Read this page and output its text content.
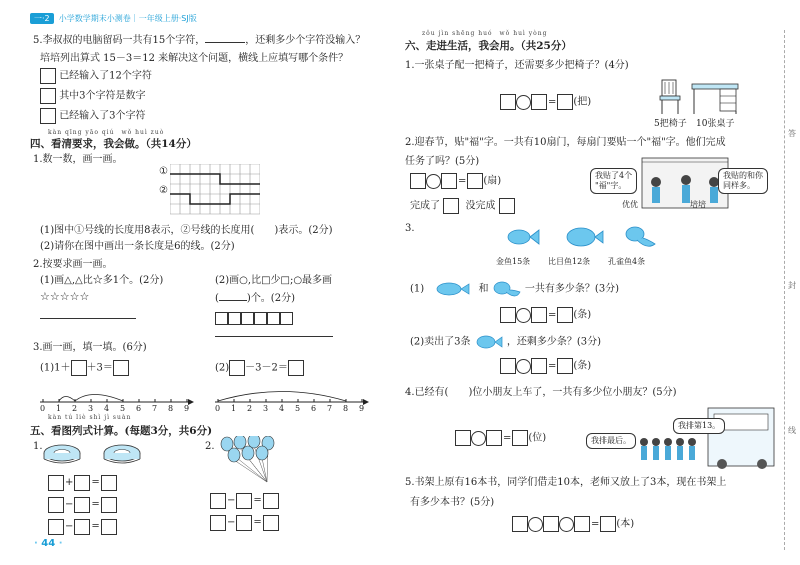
一·2 小学数学期末小测卷｜一年级上册·SJ版
5.李叔叔的电脑留码一共有15个字符，	，还剩多少个字符没输入？
培培列出算式 15－3＝12 来解决这个问题，横线上应填写哪个条件？
已经输入了12个字符
其中3个字符是数字
已经输入了3个字符
kàn qīng yāo qiú　wǒ huì zuò
四、看清要求，我会做。（共14分）
1.数一数，画一画。
①
②
(1)图中①号线的长度用8表示，②号线的长度用(　　)表示。(2分)
(2)请你在图中画出一条长度是6的线。(2分)
2.按要求画一画。
(1)画△,△比☆多1个。(2分)
☆☆☆☆☆
(2)画○,比□少□;○最多画
(	)个。(2分)
3.画一画，填一填。(6分)
(1)1＋ ＋3＝	(2) －3－2＝
0 1 2 3 4 5 6 7 8 9	0 1 2 3 4 5 6 7 8 9
kàn tú liè shì jì suàn
五、看图列式计算。(每题3分，共6分)
1.	2.
+ =
− =
− =
− =
− =
· 44 ·
zǒu jìn shēng huó　wǒ huì yòng
六、走进生活，我会用。（共25分）
1.一张桌子配一把椅子，还需要多少把椅子？(4分)
= (把)
5把椅子 10张桌子
2.迎春节，贴"福"字。一共有10扇门，每扇门要贴一个"福"字。他们完成
任务了吗？(5分)
= (扇)
完成了	没完成
我贴了4个
"福"字。
我贴的和你
同样多。
优优	培培
3.
金鱼15条 比目鱼12条 孔雀鱼4条
(1)	和	一共有多少条？(3分)
= (条)
(2)卖出了3条	，还剩多少条？(3分)
= (条)
4.已经有(　　)位小朋友上车了，一共有多少位小朋友？(5分)
= (位)
我排第13。
我排最后。
5.书架上原有16本书，同学们借走10本，老师又放上了3本，现在书架上
有多少本书？(5分)
= (本)
答
封
线
